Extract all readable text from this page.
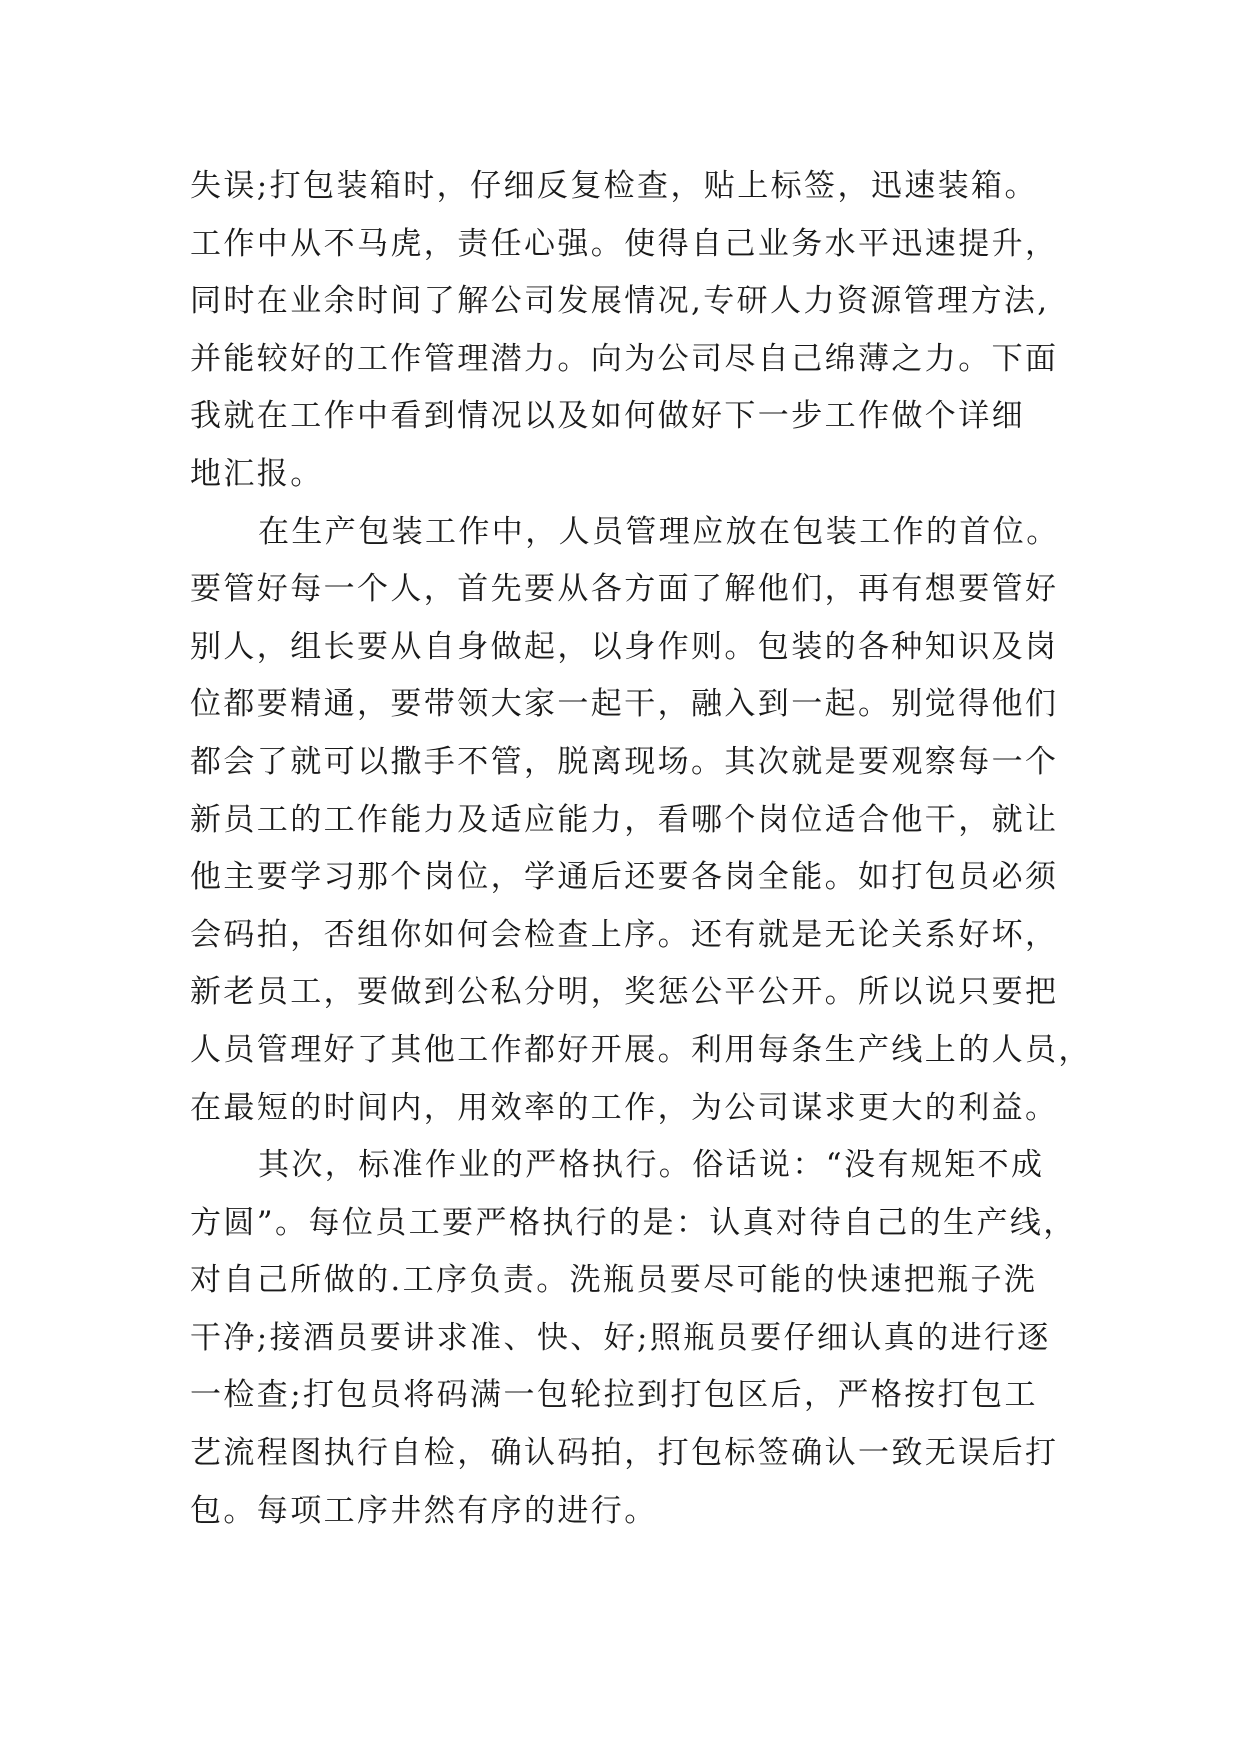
失误;打包装箱时，仔细反复检查，贴上标签，迅速装箱。
工作中从不马虎，责任心强。使得自己业务水平迅速提升，
同时在业余时间了解公司发展情况,专研人力资源管理方法,
并能较好的工作管理潜力。向为公司尽自己绵薄之力。下面
我就在工作中看到情况以及如何做好下一步工作做个详细
地汇报。
在生产包装工作中，人员管理应放在包装工作的首位。
要管好每一个人，首先要从各方面了解他们，再有想要管好
别人，组长要从自身做起，以身作则。包装的各种知识及岗
位都要精通，要带领大家一起干，融入到一起。别觉得他们
都会了就可以撒手不管，脱离现场。其次就是要观察每一个
新员工的工作能力及适应能力，看哪个岗位适合他干，就让
他主要学习那个岗位，学通后还要各岗全能。如打包员必须
会码拍，否组你如何会检查上序。还有就是无论关系好坏，
新老员工，要做到公私分明，奖惩公平公开。所以说只要把
人员管理好了其他工作都好开展。利用每条生产线上的人员，
在最短的时间内，用效率的工作，为公司谋求更大的利益。
其次，标准作业的严格执行。俗话说：“没有规矩不成
方圆”。每位员工要严格执行的是：认真对待自己的生产线，
对自己所做的.工序负责。洗瓶员要尽可能的快速把瓶子洗
干净;接酒员要讲求准、快、好;照瓶员要仔细认真的进行逐
一检查;打包员将码满一包轮拉到打包区后，严格按打包工
艺流程图执行自检，确认码拍，打包标签确认一致无误后打
包。每项工序井然有序的进行。
